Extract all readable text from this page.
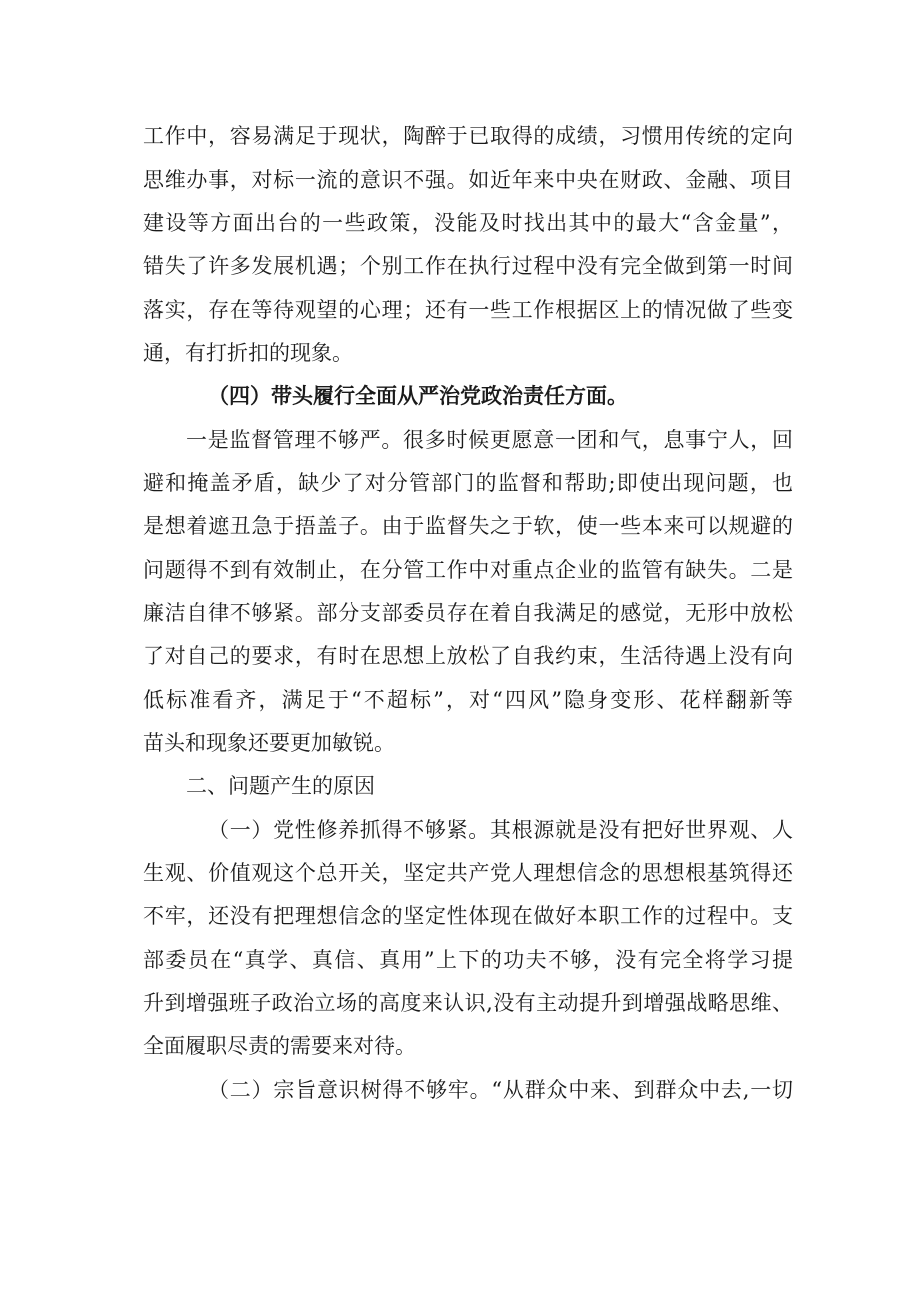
工作中，容易满足于现状，陶醉于已取得的成绩，习惯用传统的定向
思维办事，对标一流的意识不强。如近年来中央在财政、金融、项目
建设等方面出台的一些政策，没能及时找出其中的最大“含金量”，
错失了许多发展机遇；个别工作在执行过程中没有完全做到第一时间
落实，存在等待观望的心理；还有一些工作根据区上的情况做了些变
通，有打折扣的现象。
（四）带头履行全面从严治党政治责任方面。
一是监督管理不够严。很多时候更愿意一团和气，息事宁人，回
避和掩盖矛盾，缺少了对分管部门的监督和帮助;即使出现问题，也
是想着遮丑急于捂盖子。由于监督失之于软，使一些本来可以规避的
问题得不到有效制止，在分管工作中对重点企业的监管有缺失。二是
廉洁自律不够紧。部分支部委员存在着自我满足的感觉，无形中放松
了对自己的要求，有时在思想上放松了自我约束，生活待遇上没有向
低标准看齐，满足于“不超标”，对“四风”隐身变形、花样翻新等
苗头和现象还要更加敏锐。
二、问题产生的原因
（一）党性修养抓得不够紧。其根源就是没有把好世界观、人
生观、价值观这个总开关，坚定共产党人理想信念的思想根基筑得还
不牢，还没有把理想信念的坚定性体现在做好本职工作的过程中。支
部委员在“真学、真信、真用”上下的功夫不够，没有完全将学习提
升到增强班子政治立场的高度来认识,没有主动提升到增强战略思维、
全面履职尽责的需要来对待。
（二）宗旨意识树得不够牢。“从群众中来、到群众中去,一切
